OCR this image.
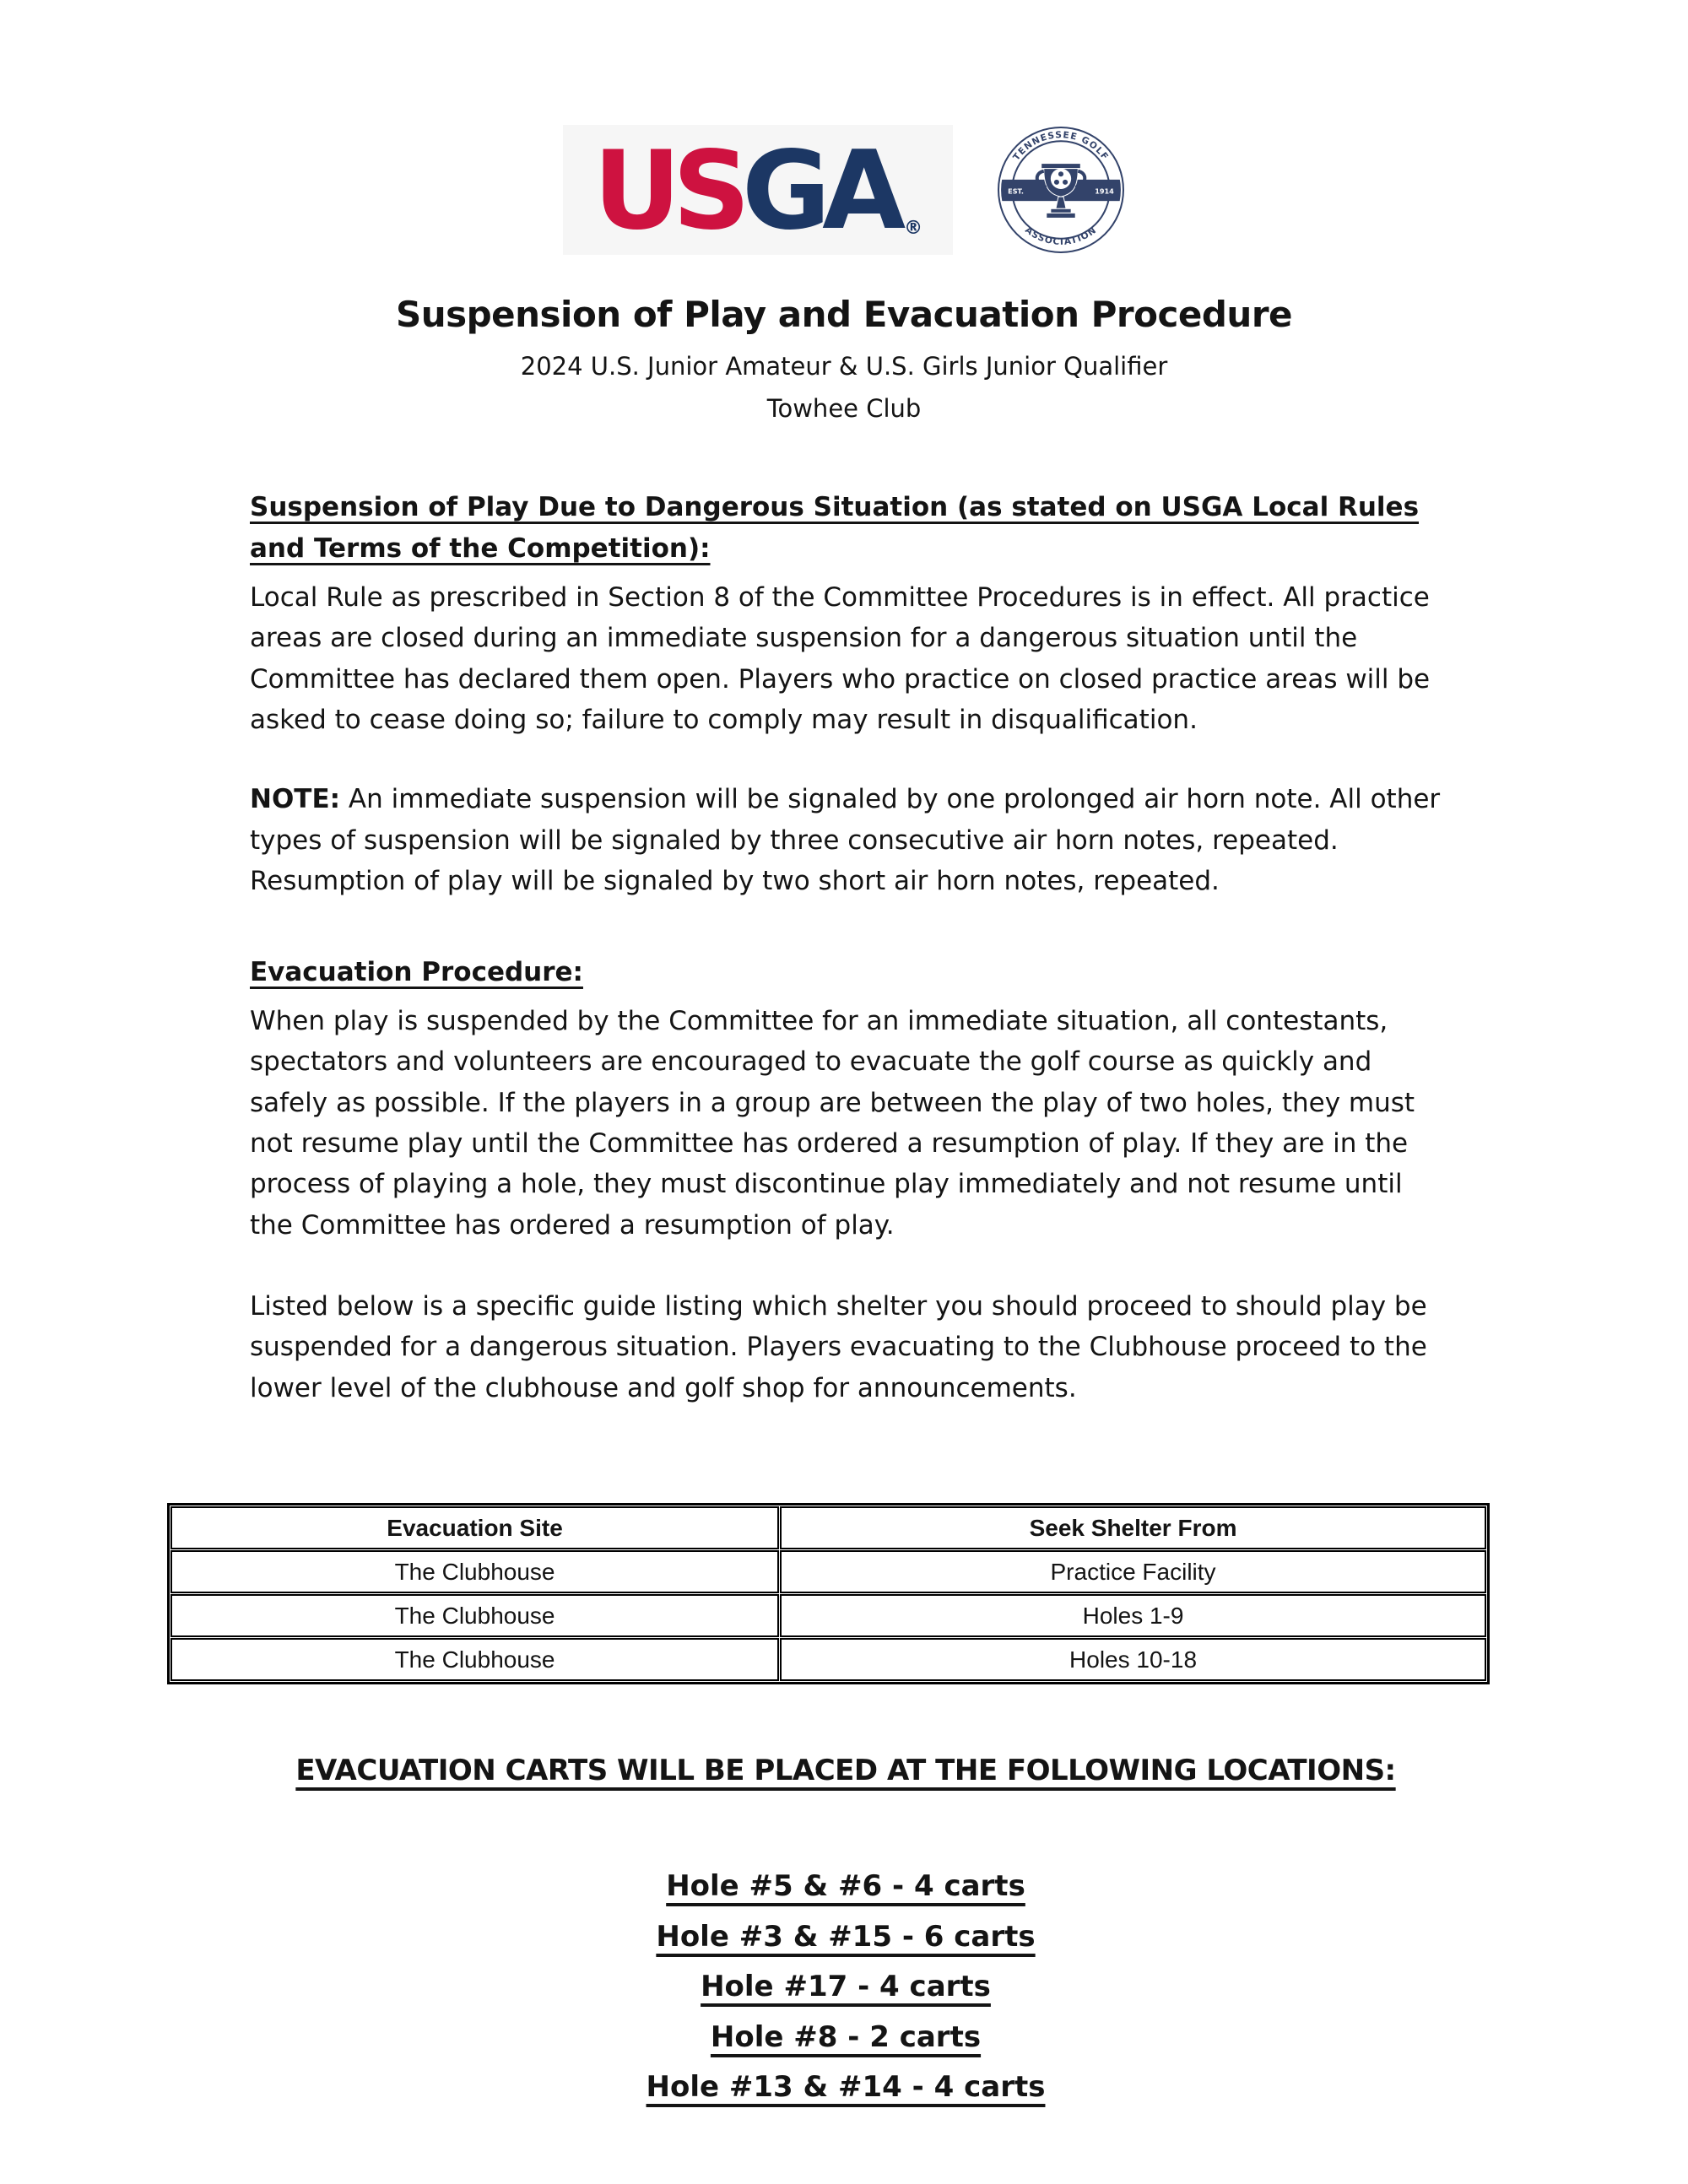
USGA ®
TENNESSEE GOLF
ASSOCIATION
EST.	1914
Suspension of Play and Evacuation Procedure
2024 U.S. Junior Amateur & U.S. Girls Junior Qualifier
Towhee Club

Suspension of Play Due to Dangerous Situation (as stated on USGA Local Rules and Terms of the Competition):

Local Rule as prescribed in Section 8 of the Committee Procedures is in effect. All practice areas are closed during an immediate suspension for a dangerous situation until the Committee has declared them open. Players who practice on closed practice areas will be asked to cease doing so; failure to comply may result in disqualification.

NOTE: An immediate suspension will be signaled by one prolonged air horn note. All other types of suspension will be signaled by three consecutive air horn notes, repeated. Resumption of play will be signaled by two short air horn notes, repeated.

Evacuation Procedure:

When play is suspended by the Committee for an immediate situation, all contestants, spectators and volunteers are encouraged to evacuate the golf course as quickly and safely as possible. If the players in a group are between the play of two holes, they must not resume play until the Committee has ordered a resumption of play. If they are in the process of playing a hole, they must discontinue play immediately and not resume until the Committee has ordered a resumption of play.

Listed below is a specific guide listing which shelter you should proceed to should play be suspended for a dangerous situation. Players evacuating to the Clubhouse proceed to the lower level of the clubhouse and golf shop for announcements.

Evacuation Site	Seek Shelter From
The Clubhouse	Practice Facility
The Clubhouse	Holes 1-9
The Clubhouse	Holes 10-18
EVACUATION CARTS WILL BE PLACED AT THE FOLLOWING LOCATIONS:
Hole #5 & #6 - 4 carts
Hole #3 & #15 - 6 carts
Hole #17 - 4 carts
Hole #8 - 2 carts
Hole #13 & #14 - 4 carts
